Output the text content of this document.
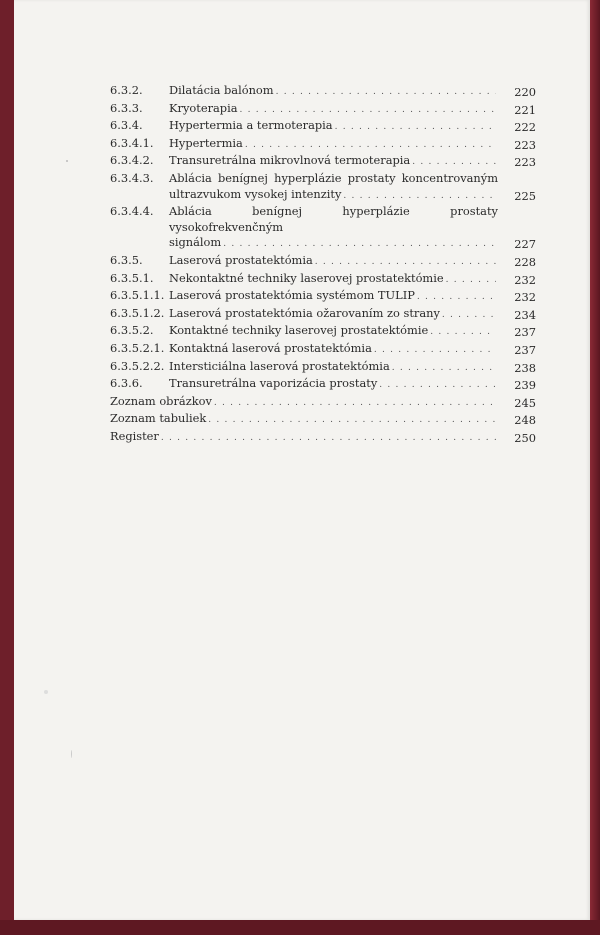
6.3.2.	Dilatácia balónom . . .	220
6.3.3.	Kryoterapia . . .	221
6.3.4.	Hypertermia a termoterapia . . .	222
6.3.4.1.	Hypertermia . . .	223
6.3.4.2.	Transuretrálna mikrovlnová termoterapia . . .	223
6.3.4.3.	Ablácia benígnej hyperplázie prostaty koncentrovaným
ultrazvukom vysokej intenzity . . .	225
6.3.4.4.	Ablácia benígnej hyperplázie prostaty vysokofrekvenčným
signálom . . .	227
6.3.5.	Laserová prostatektómia . . .	228
6.3.5.1.	Nekontaktné techniky laserovej prostatektómie . . .	232
6.3.5.1.1. Laserová prostatektómia systémom TULIP . . .	232
6.3.5.1.2. Laserová prostatektómia ožarovaním zo strany . . .	234
6.3.5.2.	Kontaktné techniky laserovej prostatektómie . . .	237
6.3.5.2.1. Kontaktná laserová prostatektómia . . .	237
6.3.5.2.2. Intersticiálna laserová prostatektómia . . .	238
6.3.6.	Transuretrálna vaporizácia prostaty . . .	239
Zoznam obrázkov . . .	245
Zoznam tabuliek . . .	248
Register . . .	250
